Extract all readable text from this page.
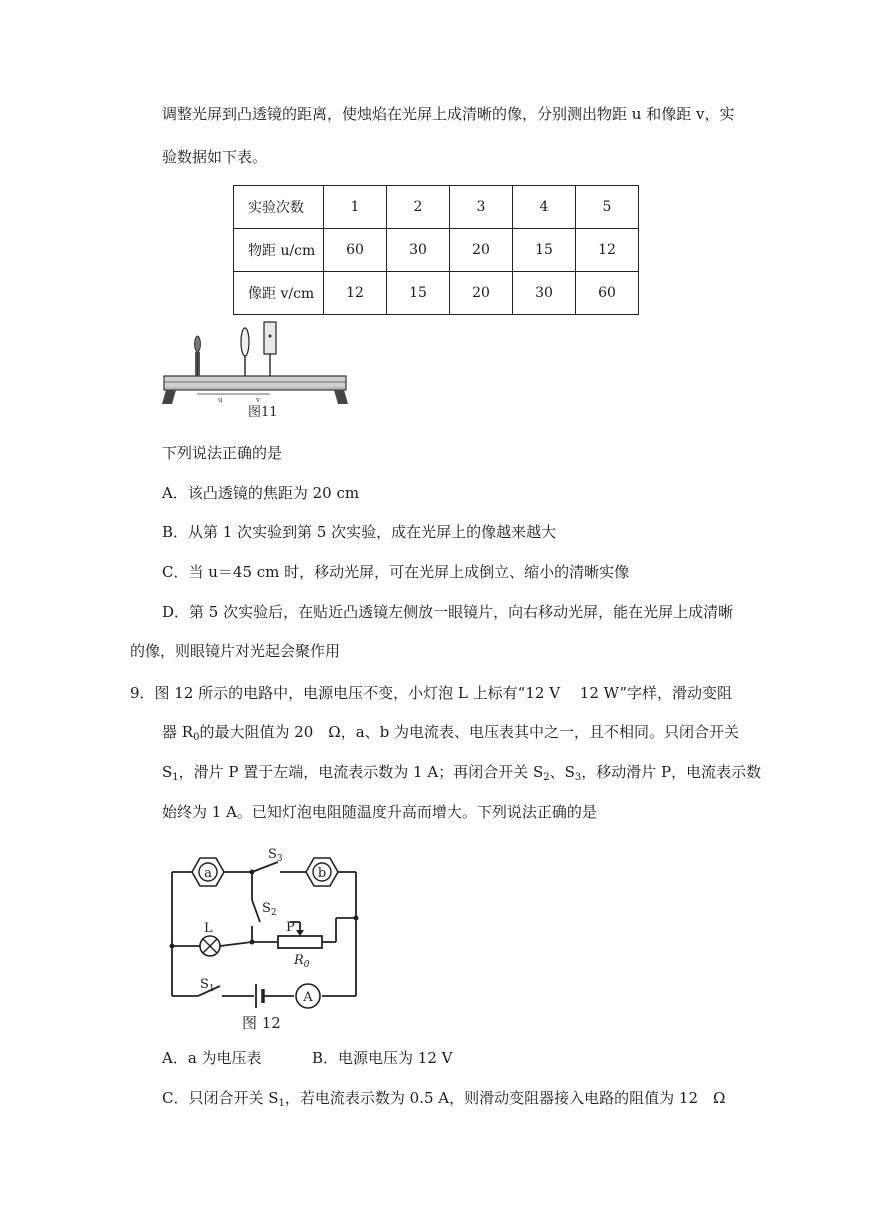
调整光屏到凸透镜的距离，使烛焰在光屏上成清晰的像，分别测出物距 u 和像距 v，实
验数据如下表。
实验次数	1	2	3	4	5
物距 u/cm	60	30	20	15	12
像距 v/cm	12	15	20	30	60
u	v
图11
下列说法正确的是
A．该凸透镜的焦距为 20 cm
B．从第 1 次实验到第 5 次实验，成在光屏上的像越来越大
C．当 u＝45 cm 时，移动光屏，可在光屏上成倒立、缩小的清晰实像
D．第 5 次实验后，在贴近凸透镜左侧放一眼镜片，向右移动光屏，能在光屏上成清晰
的像，则眼镜片对光起会聚作用
9．图 12 所示的电路中，电源电压不变，小灯泡 L 上标有“12 V　 12 W”字样，滑动变阻
器 $R_0$的最大阻值为 20　Ω，a、b 为电流表、电压表其中之一，且不相同。只闭合开关
$S_1$，滑片 P 置于左端，电流表示数为 1 A；再闭合开关 $S_2$、$S_3$，移动滑片 P，电流表示数
始终为 1 A。已知灯泡电阻随温度升高而增大。下列说法正确的是
a	b
A
$S_3$
$S_2$
$S_1$
L	P
$R_0$
图 12
A．a 为电压表	B．电源电压为 12 V
C．只闭合开关 $S_1$，若电流表示数为 0.5 A，则滑动变阻器接入电路的阻值为 12　Ω
